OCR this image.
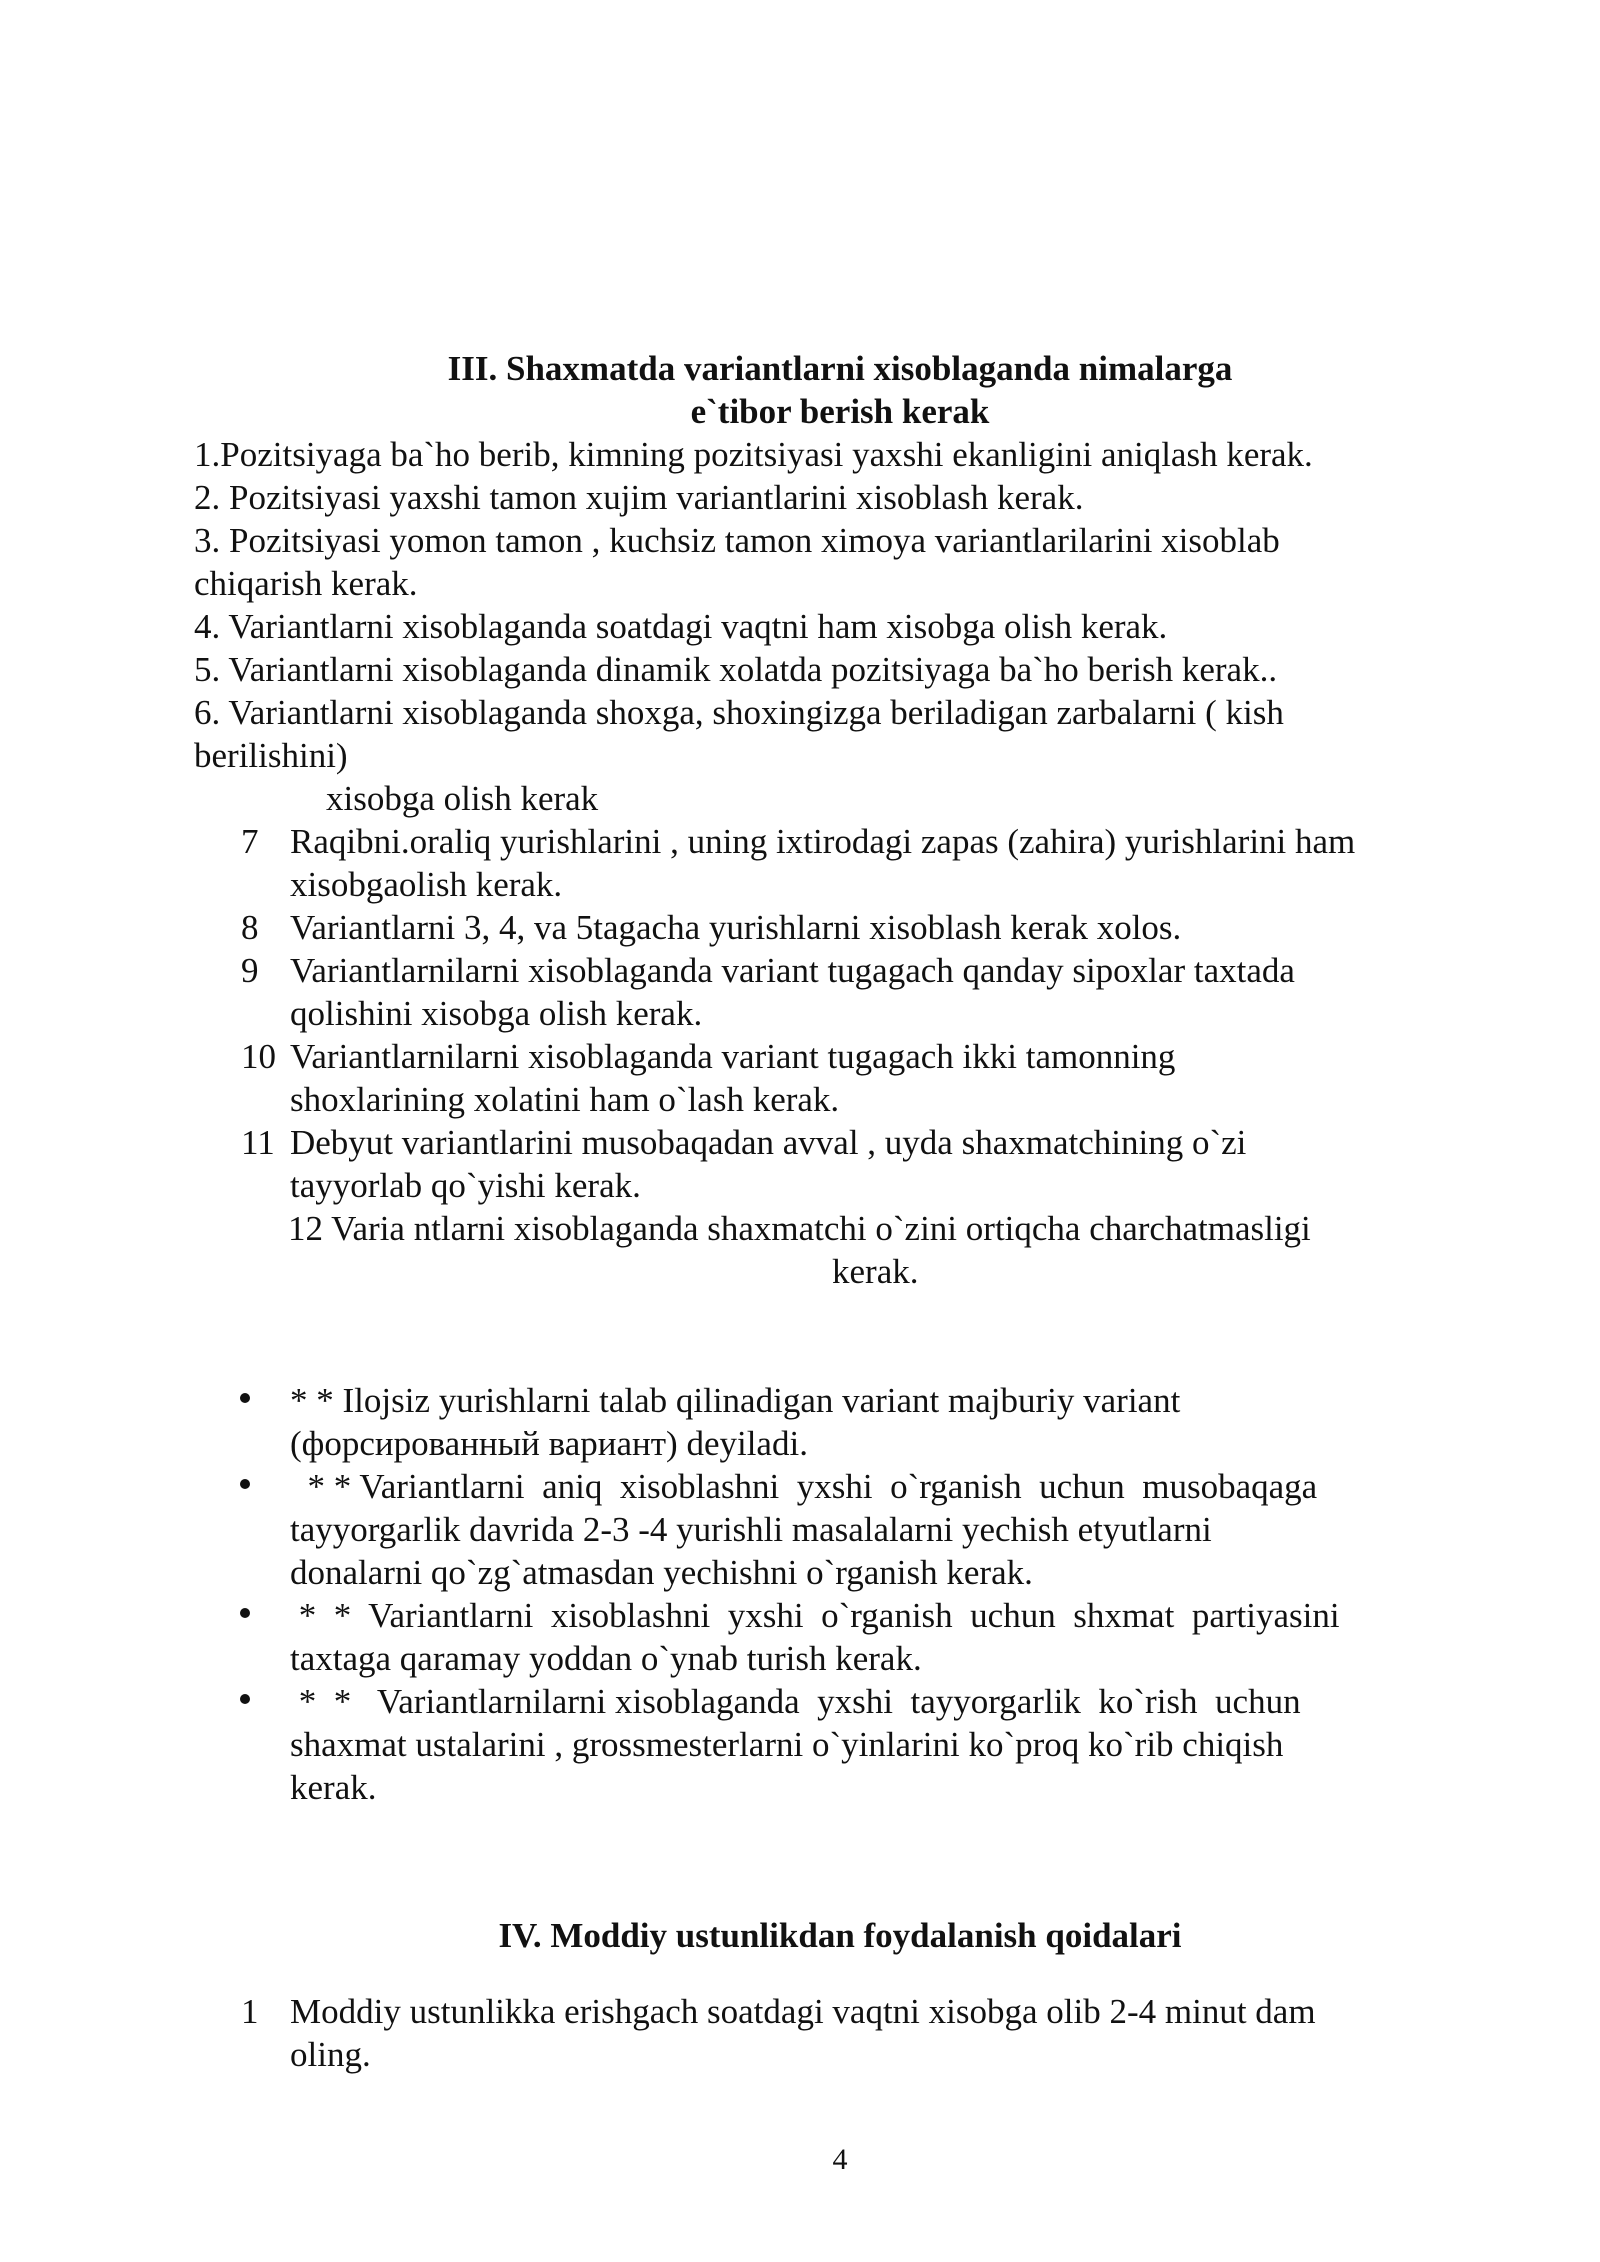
III. Shaxmatda variantlarni xisoblaganda nimalarga

e`tibor berish kerak

1.Pozitsiyaga ba`ho berib, kimning pozitsiyasi yaxshi ekanligini aniqlash kerak.

2. Pozitsiyasi yaxshi tamon xujim variantlarini xisoblash kerak.

3. Pozitsiyasi yomon tamon , kuchsiz tamon ximoya variantlarilarini xisoblab

chiqarish kerak.

4. Variantlarni xisoblaganda soatdagi vaqtni ham xisobga olish kerak.

5. Variantlarni xisoblaganda dinamik xolatda pozitsiyaga ba`ho berish kerak..

6. Variantlarni xisoblaganda shoxga, shoxingizga beriladigan zarbalarni ( kish

berilishini)

xisobga olish kerak

7 Raqibni.oraliq yurishlarini , uning ixtirodagi zapas (zahira) yurishlarini ham

xisobgaolish kerak.

8 Variantlarni 3, 4, va 5tagacha yurishlarni xisoblash kerak xolos.

9 Variantlarnilarni xisoblaganda variant tugagach qanday sipoxlar taxtada

qolishini xisobga olish kerak.

10 Variantlarnilarni xisoblaganda variant tugagach ikki tamonning

shoxlarining xolatini ham o`lash kerak.

11 Debyut variantlarini musobaqadan avval , uyda shaxmatchining o`zi

tayyorlab qo`yishi kerak.

12 Varia ntlarni xisoblaganda shaxmatchi o`zini ortiqcha charchatmasligi

kerak.

* * Ilojsiz yurishlarni talab qilinadigan variant majburiy variant

(форсированный вариант) deyiladi.

* * Variantlarni  aniq  xisoblashni  yxshi  o`rganish  uchun  musobaqaga

tayyorgarlik davrida 2-3 -4 yurishli masalalarni yechish etyutlarni

donalarni qo`zg`atmasdan yechishni o`rganish kerak.

*  *  Variantlarni  xisoblashni  yxshi  o`rganish  uchun  shxmat  partiyasini

taxtaga qaramay yoddan o`ynab turish kerak.

*  *   Variantlarnilarni xisoblaganda  yxshi  tayyorgarlik  ko`rish  uchun

shaxmat ustalarini , grossmesterlarni o`yinlarini ko`proq ko`rib chiqish

kerak.

IV. Moddiy ustunlikdan foydalanish qoidalari

1 Moddiy ustunlikka erishgach soatdagi vaqtni xisobga olib 2-4 minut dam

oling.

4
